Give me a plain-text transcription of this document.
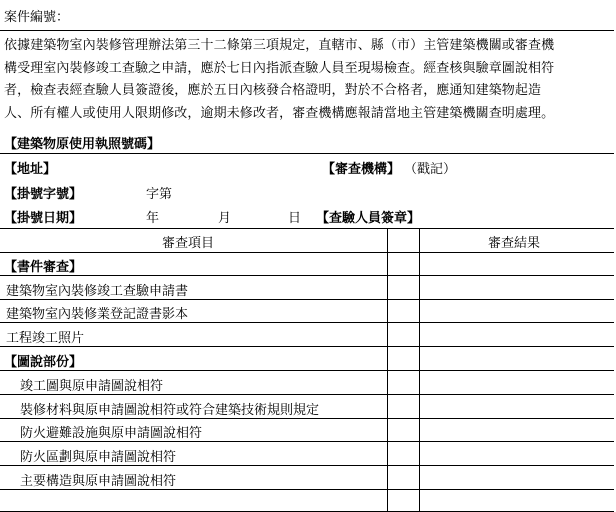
案件編號：
依據建築物室內裝修管理辦法第三十二條第三項規定，直轄市、縣（市）主管建築機關或審查機
構受理室內裝修竣工查驗之申請，應於七日內指派查驗人員至現場檢查。經查核與驗章圖說相符
者，檢查表經查驗人員簽證後，應於五日內核發合格證明，對於不合格者，應通知建築物起造
人、所有權人或使用人限期修改，逾期未修改者，審查機構應報請當地主管建築機關查明處理。
【建築物原使用執照號碼】
【地址】	【審查機構】 （戳記）
【掛號字號】	字第
【掛號日期】	年	月	日 【查驗人員簽章】
審查項目	審查結果
【書件審查】
建築物室內裝修竣工查驗申請書
建築物室內裝修業登記證書影本
工程竣工照片
【圖說部份】
竣工圖與原申請圖說相符
裝修材料與原申請圖說相符或符合建築技術規則規定
防火避難設施與原申請圖說相符
防火區劃與原申請圖說相符
主要構造與原申請圖說相符
